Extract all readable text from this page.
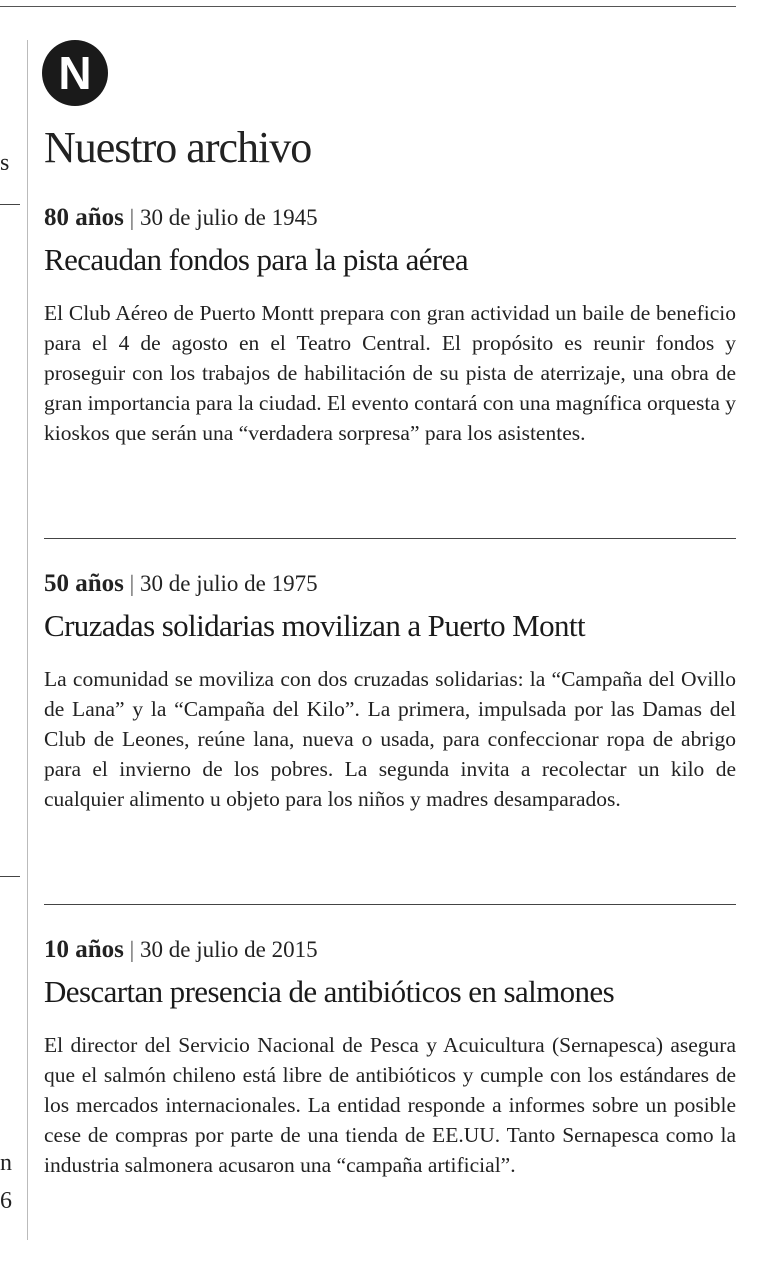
s
n
6
N
Nuestro archivo

80 años | 30 de julio de 1945

Recaudan fondos para la pista aérea

El Club Aéreo de Puerto Montt prepara con gran actividad un baile de beneficio para el 4 de agosto en el Teatro Central. El propósito es reunir fondos y proseguir con los trabajos de habilitación de su pista de aterrizaje, una obra de gran importancia para la ciudad. El evento contará con una magnífica orquesta y kioskos que serán una “verdadera sorpresa” para los asistentes.

50 años | 30 de julio de 1975

Cruzadas solidarias movilizan a Puerto Montt

La comunidad se moviliza con dos cruzadas solidarias: la “Campaña del Ovillo de Lana” y la “Campaña del Kilo”. La primera, impulsada por las Damas del Club de Leones, reúne lana, nueva o usada, para confeccionar ropa de abrigo para el invierno de los pobres. La segunda invita a recolectar un kilo de cualquier alimento u objeto para los niños y madres desamparados.

10 años | 30 de julio de 2015

Descartan presencia de antibióticos en salmones

El director del Servicio Nacional de Pesca y Acuicultura (Sernapesca) asegura que el salmón chileno está libre de antibióticos y cumple con los estándares de los mercados internacionales. La entidad responde a informes sobre un posible cese de compras por parte de una tienda de EE.UU. Tanto Sernapesca como la industria salmonera acusaron una “campaña artificial”.
